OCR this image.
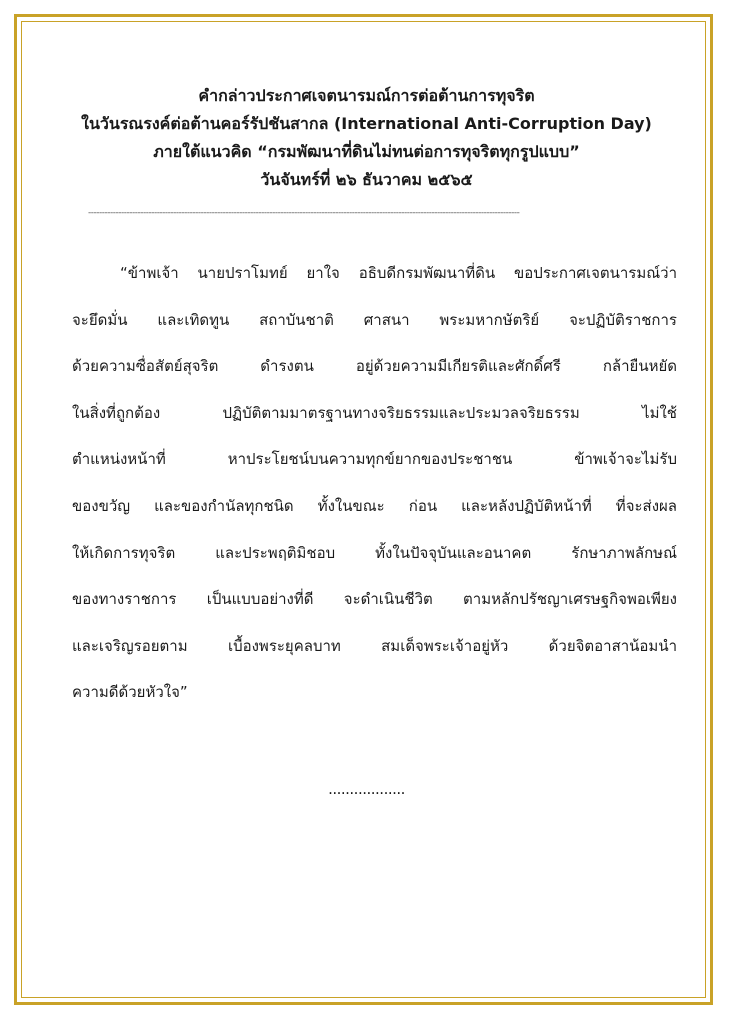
คำกล่าวประกาศเจตนารมณ์การต่อต้านการทุจริต
ในวันรณรงค์ต่อต้านคอร์รัปชันสากล (International Anti-Corruption Day)
ภายใต้แนวคิด “กรมพัฒนาที่ดินไม่ทนต่อการทุจริตทุกรูปแบบ”
วันจันทร์ที่ ๒๖ ธันวาคม ๒๕๖๕
-------------------------------------------------------------------------------------------------------------------------------------------------------------
“ข้าพเจ้า นายปราโมทย์ ยาใจ อธิบดีกรมพัฒนาที่ดิน ขอประกาศเจตนารมณ์ว่า
จะยึดมั่น และเทิดทูน สถาบันชาติ ศาสนา พระมหากษัตริย์ จะปฏิบัติราชการ
ด้วยความซื่อสัตย์สุจริต ดำรงตน อยู่ด้วยความมีเกียรติและศักดิ์ศรี กล้ายืนหยัด
ในสิ่งที่ถูกต้อง ปฏิบัติตามมาตรฐานทางจริยธรรมและประมวลจริยธรรม ไม่ใช้
ตำแหน่งหน้าที่ หาประโยชน์บนความทุกข์ยากของประชาชน ข้าพเจ้าจะไม่รับ
ของขวัญ และของกำนัลทุกชนิด ทั้งในขณะ ก่อน และหลังปฏิบัติหน้าที่ ที่จะส่งผล
ให้เกิดการทุจริต และประพฤติมิชอบ ทั้งในปัจจุบันและอนาคต รักษาภาพลักษณ์
ของทางราชการ เป็นแบบอย่างที่ดี จะดำเนินชีวิต ตามหลักปรัชญาเศรษฐกิจพอเพียง
และเจริญรอยตาม เบื้องพระยุคลบาท สมเด็จพระเจ้าอยู่หัว ด้วยจิตอาสาน้อมนำ
ความดีด้วยหัวใจ”
..................
